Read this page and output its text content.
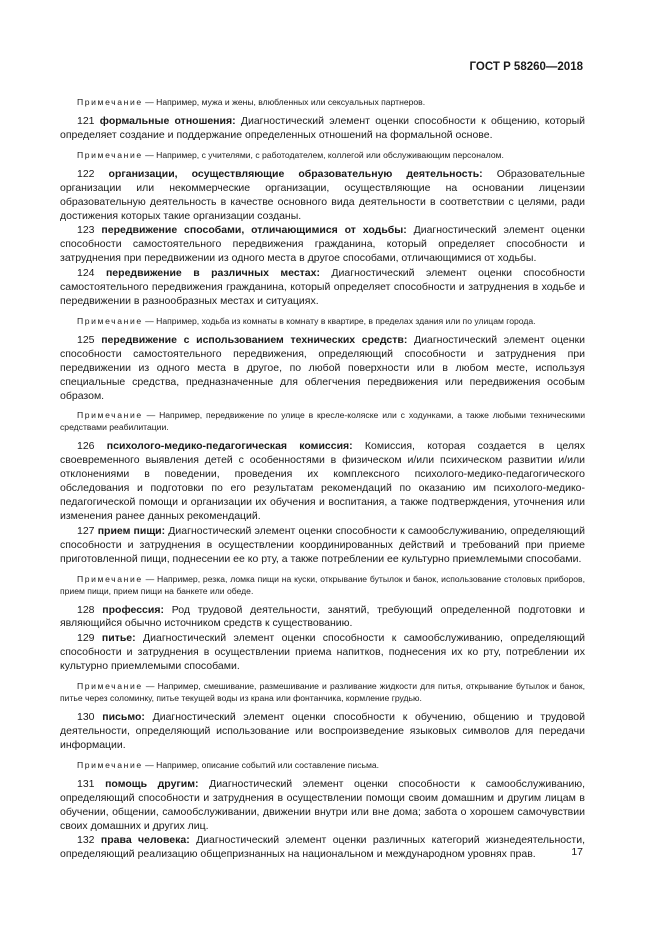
ГОСТ Р 58260—2018

Примечание — Например, мужа и жены, влюбленных или сексуальных партнеров.

121 формальные отношения: Диагностический элемент оценки способности к общению, который определяет создание и поддержание определенных отношений на формальной основе.

Примечание — Например, с учителями, с работодателем, коллегой или обслуживающим персоналом.

122 организации, осуществляющие образовательную деятельность: Образовательные организации или некоммерческие организации, осуществляющие на основании лицензии образовательную деятельность в качестве основного вида деятельности в соответствии с целями, ради достижения которых такие организации созданы.

123 передвижение способами, отличающимися от ходьбы: Диагностический элемент оценки способности самостоятельного передвижения гражданина, который определяет способности и затруднения при передвижении из одного места в другое способами, отличающимися от ходьбы.

124 передвижение в различных местах: Диагностический элемент оценки способности самостоятельного передвижения гражданина, который определяет способности и затруднения в ходьбе и передвижении в разнообразных местах и ситуациях.

Примечание — Например, ходьба из комнаты в комнату в квартире, в пределах здания или по улицам города.

125 передвижение с использованием технических средств: Диагностический элемент оценки способности самостоятельного передвижения, определяющий способности и затруднения при передвижении из одного места в другое, по любой поверхности или в любом месте, используя специальные средства, предназначенные для облегчения передвижения или передвижения особым образом.

Примечание — Например, передвижение по улице в кресле-коляске или с ходунками, а также любыми техническими средствами реабилитации.

126 психолого-медико-педагогическая комиссия: Комиссия, которая создается в целях своевременного выявления детей с особенностями в физическом и/или психическом развитии и/или отклонениями в поведении, проведения их комплексного психолого-медико-педагогического обследования и подготовки по его результатам рекомендаций по оказанию им психолого-медико-педагогической помощи и организации их обучения и воспитания, а также подтверждения, уточнения или изменения ранее данных рекомендаций.

127 прием пищи: Диагностический элемент оценки способности к самообслуживанию, определяющий способности и затруднения в осуществлении координированных действий и требований при приеме приготовленной пищи, поднесении ее ко рту, а также потреблении ее культурно приемлемыми способами.

Примечание — Например, резка, ломка пищи на куски, открывание бутылок и банок, использование столовых приборов, прием пищи, прием пищи на банкете или обеде.

128 профессия: Род трудовой деятельности, занятий, требующий определенной подготовки и являющийся обычно источником средств к существованию.

129 питье: Диагностический элемент оценки способности к самообслуживанию, определяющий способности и затруднения в осуществлении приема напитков, поднесения их ко рту, потреблении их культурно приемлемыми способами.

Примечание — Например, смешивание, размешивание и разливание жидкости для питья, открывание бутылок и банок, питье через соломинку, питье текущей воды из крана или фонтанчика, кормление грудью.

130 письмо: Диагностический элемент оценки способности к обучению, общению и трудовой деятельности, определяющий использование или воспроизведение языковых символов для передачи информации.

Примечание — Например, описание событий или составление письма.

131 помощь другим: Диагностический элемент оценки способности к самообслуживанию, определяющий способности и затруднения в осуществлении помощи своим домашним и другим лицам в обучении, общении, самообслуживании, движении внутри или вне дома; забота о хорошем самочувствии своих домашних и других лиц.

132 права человека: Диагностический элемент оценки различных категорий жизнедеятельности, определяющий реализацию общепризнанных на национальном и международном уровнях прав.	17
